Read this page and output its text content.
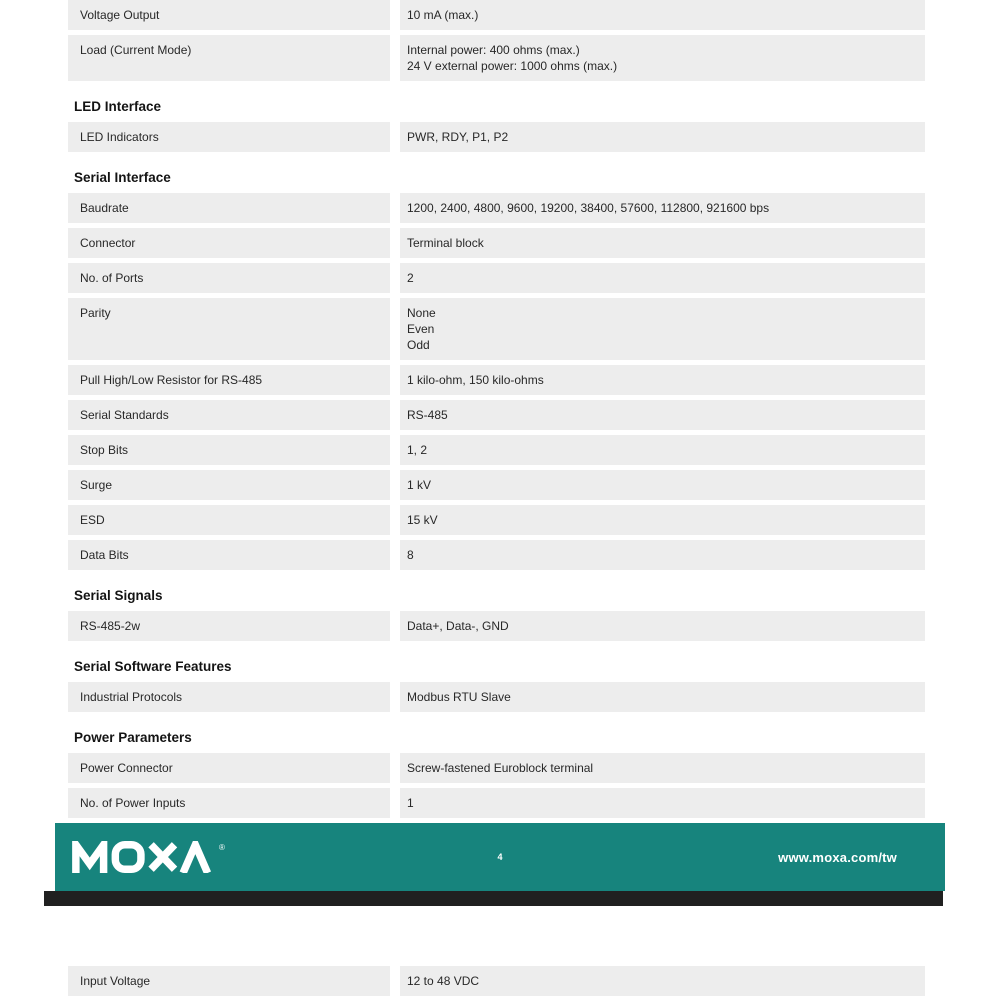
Voltage Output	10 mA (max.)
Load (Current Mode)	Internal power: 400 ohms (max.)
24 V external power: 1000 ohms (max.)
LED Interface
LED Indicators	PWR, RDY, P1, P2
Serial Interface
Baudrate	1200, 2400, 4800, 9600, 19200, 38400, 57600, 112800, 921600 bps
Connector	Terminal block
No. of Ports	2
Parity	None
Even
Odd
Pull High/Low Resistor for RS-485	1 kilo-ohm, 150 kilo-ohms
Serial Standards	RS-485
Stop Bits	1, 2
Surge	1 kV
ESD	15 kV
Data Bits	8
Serial Signals
RS-485-2w	Data+, Data-, GND
Serial Software Features
Industrial Protocols	Modbus RTU Slave
Power Parameters
Power Connector	Screw-fastened Euroblock terminal
No. of Power Inputs	1
®
4	www.moxa.com/tw
Input Voltage	12 to 48 VDC
